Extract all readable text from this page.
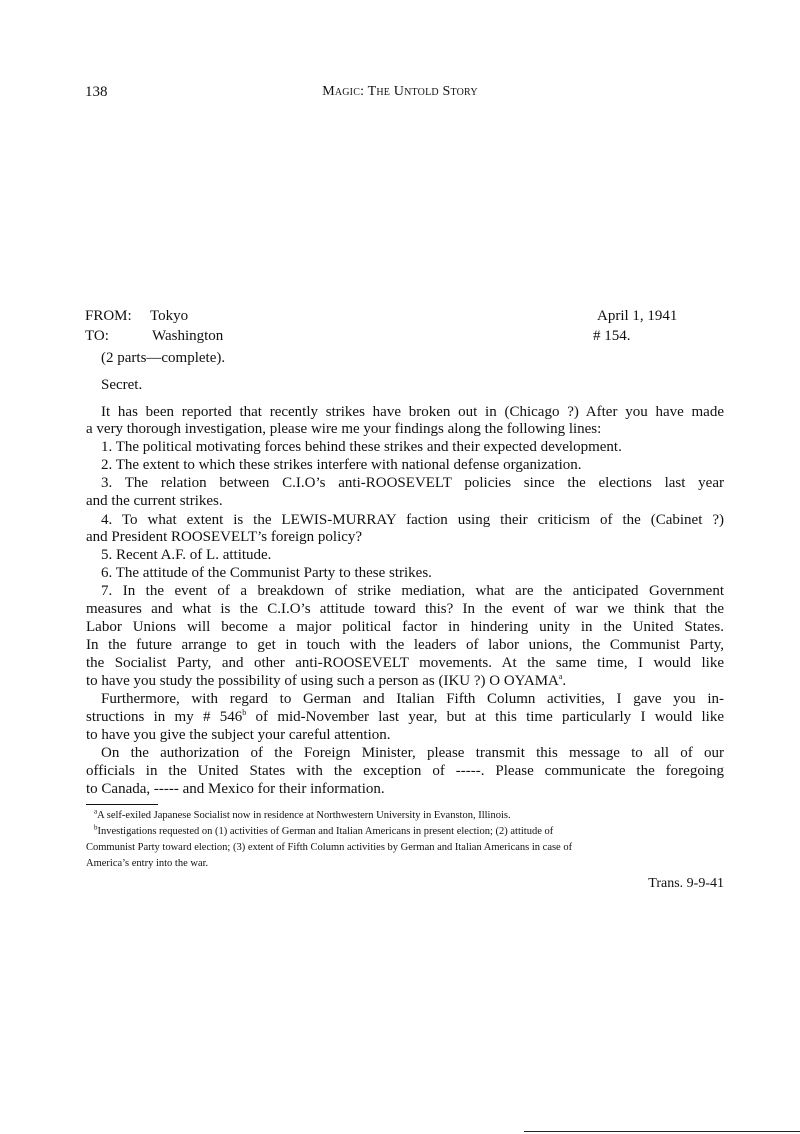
138	Magic: The Untold Story
FROM: Tokyo
TO:	Washington
April 1, 1941
# 154.
(2 parts—complete).
Secret.
It has been reported that recently strikes have broken out in (Chicago ?) After you have made
a very thorough investigation, please wire me your findings along the following lines:
1. The political motivating forces behind these strikes and their expected development.
2. The extent to which these strikes interfere with national defense organization.
3. The relation between C.I.O’s anti-ROOSEVELT policies since the elections last year
and the current strikes.
4. To what extent is the LEWIS-MURRAY faction using their criticism of the (Cabinet ?)
and President ROOSEVELT’s foreign policy?
5. Recent A.F. of L. attitude.
6. The attitude of the Communist Party to these strikes.
7. In the event of a breakdown of strike mediation, what are the anticipated Government
measures and what is the C.I.O’s attitude toward this? In the event of war we think that the
Labor Unions will become a major political factor in hindering unity in the United States.
In the future arrange to get in touch with the leaders of labor unions, the Communist Party,
the Socialist Party, and other anti-ROOSEVELT movements. At the same time, I would like
to have you study the possibility of using such a person as (IKU ?) O OYAMA$^a$.
Furthermore, with regard to German and Italian Fifth Column activities, I gave you in-
structions in my # 546$^b$ of mid-November last year, but at this time particularly I would like
to have you give the subject your careful attention.
On the authorization of the Foreign Minister, please transmit this message to all of our
officials in the United States with the exception of -----. Please communicate the foregoing
to Canada, ----- and Mexico for their information.
$^a$A self-exiled Japanese Socialist now in residence at Northwestern University in Evanston, Illinois.
$^b$Investigations requested on (1) activities of German and Italian Americans in present election; (2) attitude of
Communist Party toward election; (3) extent of Fifth Column activities by German and Italian Americans in case of
America’s entry into the war.
Trans. 9-9-41
